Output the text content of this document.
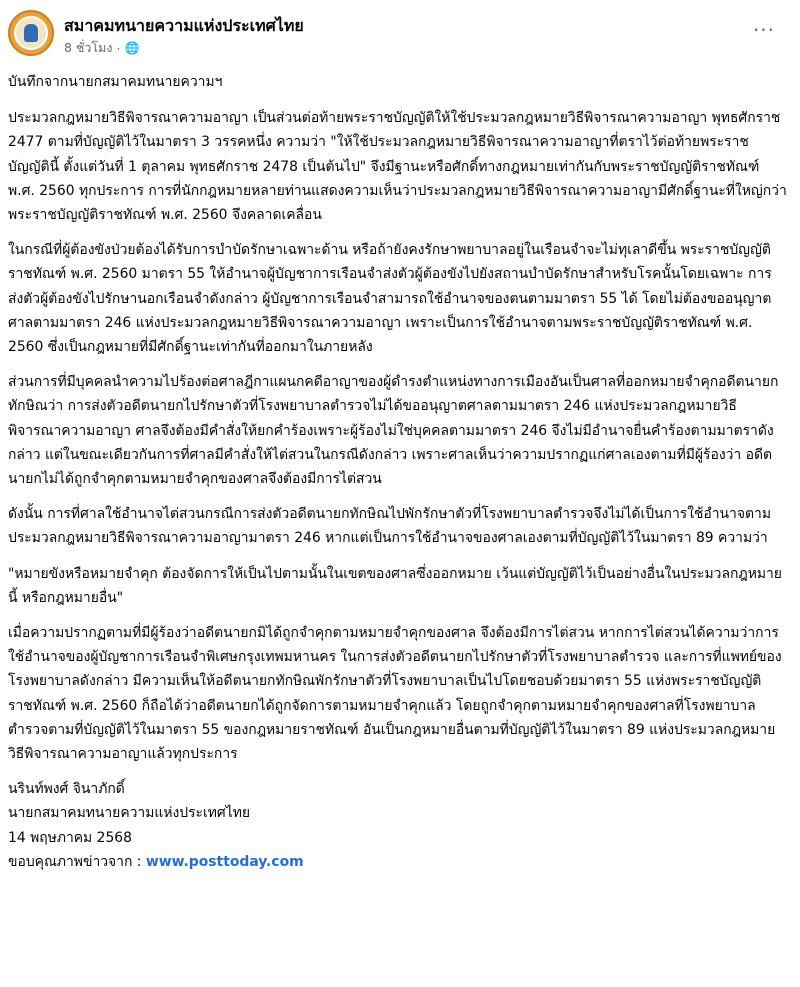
สมาคมทนายความแห่งประเทศไทย
8 ชั่วโมง · 🌐
···

บันทึกจากนายกสมาคมทนายความฯ

ประมวลกฎหมายวิธีพิจารณาความอาญา เป็นส่วนต่อท้ายพระราชบัญญัติให้ใช้ประมวลกฎหมายวิธีพิจารณาความอาญา พุทธศักราช 2477 ตามที่บัญญัติไว้ในมาตรา 3 วรรคหนึ่ง ความว่า "ให้ใช้ประมวลกฎหมายวิธีพิจารณาความอาญาที่ตราไว้ต่อท้ายพระราชบัญญัตินี้ ตั้งแต่วันที่ 1 ตุลาคม พุทธศักราช 2478 เป็นต้นไป" จึงมีฐานะหรือศักดิ์ทางกฎหมายเท่ากันกับพระราชบัญญัติราชทัณฑ์ พ.ศ. 2560 ทุกประการ การที่นักกฎหมายหลายท่านแสดงความเห็นว่าประมวลกฎหมายวิธีพิจารณาความอาญามีศักดิ์ฐานะที่ใหญ่กว่าพระราชบัญญัติราชทัณฑ์ พ.ศ. 2560 จึงคลาดเคลื่อน

ในกรณีที่ผู้ต้องขังป่วยต้องได้รับการบำบัดรักษาเฉพาะด้าน หรือถ้ายังคงรักษาพยาบาลอยู่ในเรือนจำจะไม่ทุเลาดีขึ้น พระราชบัญญัติราชทัณฑ์ พ.ศ. 2560 มาตรา 55 ให้อำนาจผู้บัญชาการเรือนจำส่งตัวผู้ต้องขังไปยังสถานบำบัดรักษาสำหรับโรคนั้นโดยเฉพาะ การส่งตัวผู้ต้องขังไปรักษานอกเรือนจำดังกล่าว ผู้บัญชาการเรือนจำสามารถใช้อำนาจของตนตามมาตรา 55 ได้ โดยไม่ต้องขออนุญาตศาลตามมาตรา 246 แห่งประมวลกฎหมายวิธีพิจารณาความอาญา เพราะเป็นการใช้อำนาจตามพระราชบัญญัติราชทัณฑ์ พ.ศ. 2560 ซึ่งเป็นกฎหมายที่มีศักดิ์ฐานะเท่ากันที่ออกมาในภายหลัง

ส่วนการที่มีบุคคลนำความไปร้องต่อศาลฎีกาแผนกคดีอาญาของผู้ดำรงตำแหน่งทางการเมืองอันเป็นศาลที่ออกหมายจำคุกอดีตนายกทักษิณว่า การส่งตัวอดีตนายกไปรักษาตัวที่โรงพยาบาลตำรวจไม่ได้ขออนุญาตศาลตามมาตรา 246 แห่งประมวลกฎหมายวิธีพิจารณาความอาญา ศาลจึงต้องมีคำสั่งให้ยกคำร้องเพราะผู้ร้องไม่ใช่บุคคลตามมาตรา 246 จึงไม่มีอำนาจยื่นคำร้องตามมาตราดังกล่าว แต่ในขณะเดียวกันการที่ศาลมีคำสั่งให้ไต่สวนในกรณีดังกล่าว เพราะศาลเห็นว่าความปรากฏแก่ศาลเองตามที่มีผู้ร้องว่า อดีตนายกไม่ได้ถูกจำคุกตามหมายจำคุกของศาลจึงต้องมีการไต่สวน

ดังนั้น การที่ศาลใช้อำนาจไต่สวนกรณีการส่งตัวอดีตนายกทักษิณไปพักรักษาตัวที่โรงพยาบาลตำรวจจึงไม่ได้เป็นการใช้อำนาจตามประมวลกฎหมายวิธีพิจารณาความอาญามาตรา 246 หากแต่เป็นการใช้อำนาจของศาลเองตามที่บัญญัติไว้ในมาตรา 89 ความว่า

"หมายขังหรือหมายจำคุก ต้องจัดการให้เป็นไปตามนั้นในเขตของศาลซึ่งออกหมาย เว้นแต่บัญญัติไว้เป็นอย่างอื่นในประมวลกฎหมายนี้ หรือกฎหมายอื่น"

เมื่อความปรากฏตามที่มีผู้ร้องว่าอดีตนายกมิได้ถูกจำคุกตามหมายจำคุกของศาล จึงต้องมีการไต่สวน หากการไต่สวนได้ความว่าการใช้อำนาจของผู้บัญชาการเรือนจำพิเศษกรุงเทพมหานคร ในการส่งตัวอดีตนายกไปรักษาตัวที่โรงพยาบาลตำรวจ และการที่แพทย์ของโรงพยาบาลดังกล่าว มีความเห็นให้อดีตนายกทักษิณพักรักษาตัวที่โรงพยาบาลเป็นไปโดยชอบด้วยมาตรา 55 แห่งพระราชบัญญัติราชทัณฑ์ พ.ศ. 2560 ก็ถือได้ว่าอดีตนายกได้ถูกจัดการตามหมายจำคุกแล้ว โดยถูกจำคุกตามหมายจำคุกของศาลที่โรงพยาบาลตำรวจตามที่บัญญัติไว้ในมาตรา 55 ของกฎหมายราชทัณฑ์ อันเป็นกฎหมายอื่นตามที่บัญญัติไว้ในมาตรา 89 แห่งประมวลกฎหมายวิธีพิจารณาความอาญาแล้วทุกประการ

นรินท์พงศ์ จินาภักดิ์

นายกสมาคมทนายความแห่งประเทศไทย

14 พฤษภาคม 2568

ขอบคุณภาพข่าวจาก : www.posttoday.com
